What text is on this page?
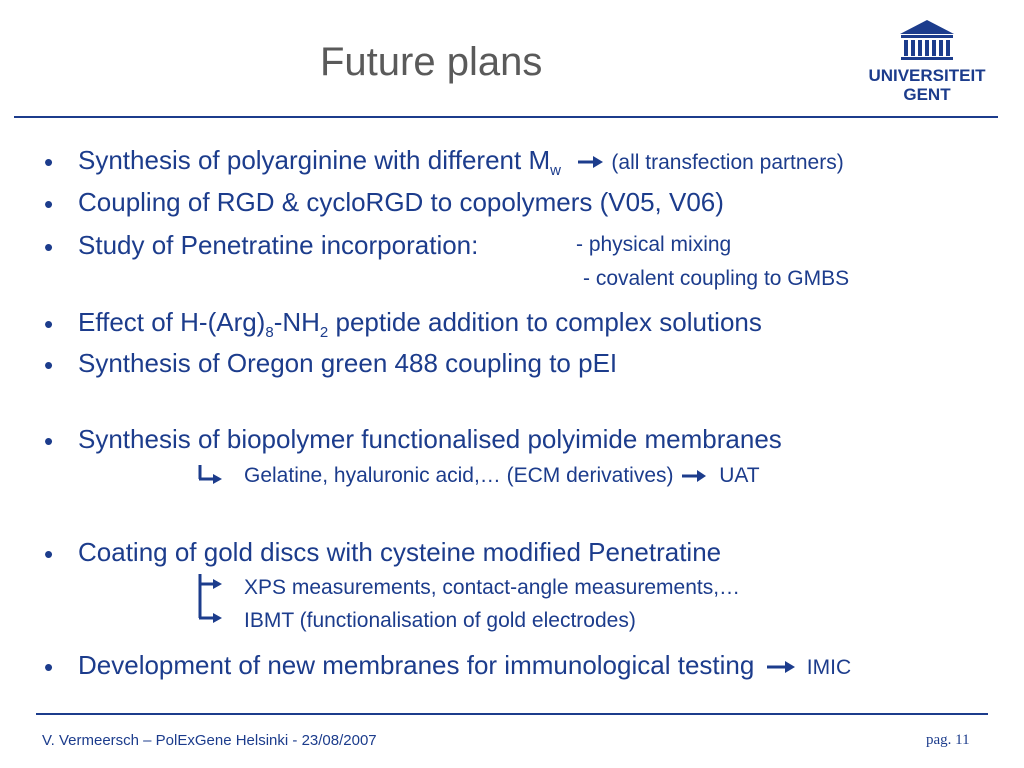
Future plans	UNIVERSITEIT
GENT
• Synthesis of polyarginine with different $M_w$ (all transfection partners)
• Coupling of RGD & cycloRGD to copolymers (V05, V06)
• Study of Penetratine incorporation:	- physical mixing
- covalent coupling to GMBS
• Effect of $H-(Arg)_8-NH_2$ peptide addition to complex solutions
• Synthesis of Oregon green 488 coupling to pEI
• Synthesis of biopolymer functionalised polyimide membranes
Gelatine, hyaluronic acid,… (ECM derivatives) UAT
• Coating of gold discs with cysteine modified Penetratine
XPS measurements, contact-angle measurements,…
IBMT (functionalisation of gold electrodes)
• Development of new membranes for immunological testing IMIC
V. Vermeersch – PolExGene Helsinki - 23/08/2007	pag. 11
